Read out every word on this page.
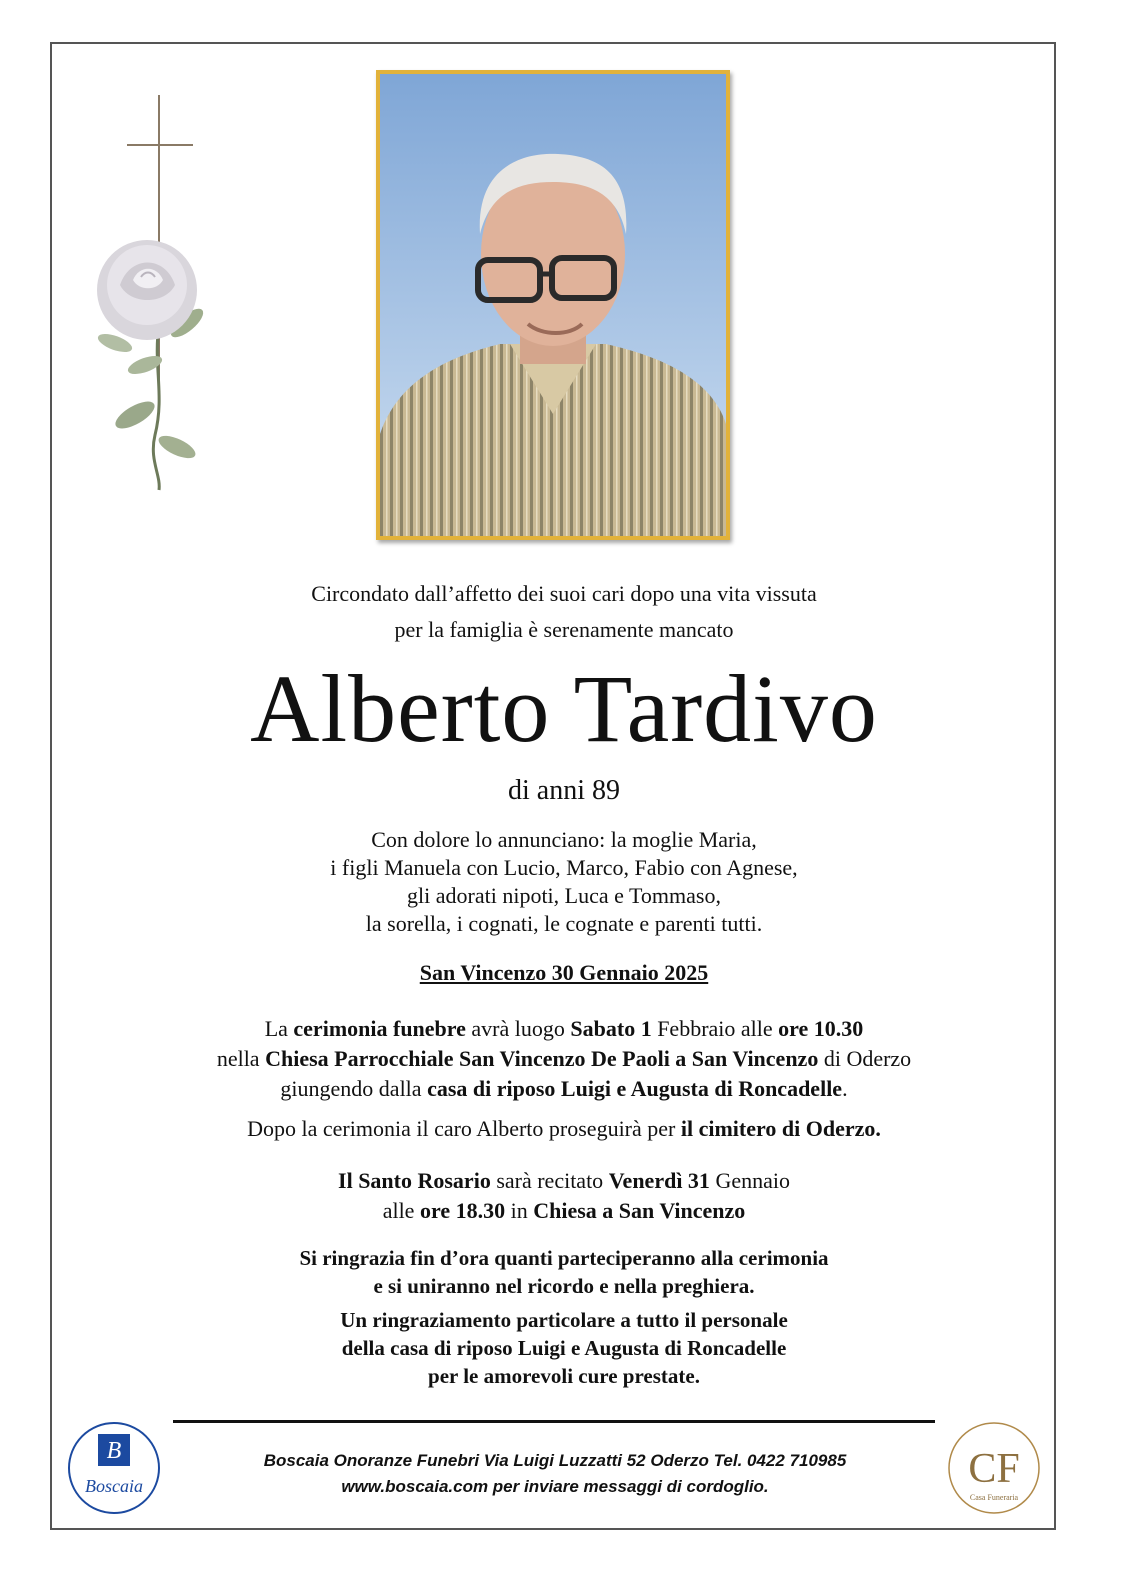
Circondato dall’affetto dei suoi cari dopo una vita vissuta
per la famiglia è serenamente mancato
Alberto Tardivo
di anni 89
Con dolore lo annunciano: la moglie Maria,
i figli Manuela con Lucio, Marco, Fabio con Agnese,
gli adorati nipoti, Luca e Tommaso,
la sorella, i cognati, le cognate e parenti tutti.
San Vincenzo 30 Gennaio 2025
La cerimonia funebre avrà luogo Sabato 1 Febbraio alle ore 10.30
nella Chiesa Parrocchiale San Vincenzo De Paoli a San Vincenzo di Oderzo
giungendo dalla casa di riposo Luigi e Augusta di Roncadelle.
Dopo la cerimonia il caro Alberto proseguirà per il cimitero di Oderzo.
Il Santo Rosario sarà recitato Venerdì 31 Gennaio
alle ore 18.30 in Chiesa a San Vincenzo
Si ringrazia fin d’ora quanti parteciperanno alla cerimonia
e si uniranno nel ricordo e nella preghiera.
Un ringraziamento particolare a tutto il personale
della casa di riposo Luigi e Augusta di Roncadelle
per le amorevoli cure prestate.
B
Boscaia
Boscaia Onoranze Funebri Via Luigi Luzzatti 52 Oderzo Tel. 0422 710985
www.boscaia.com per inviare messaggi di cordoglio.	CF
Casa Funeraria
